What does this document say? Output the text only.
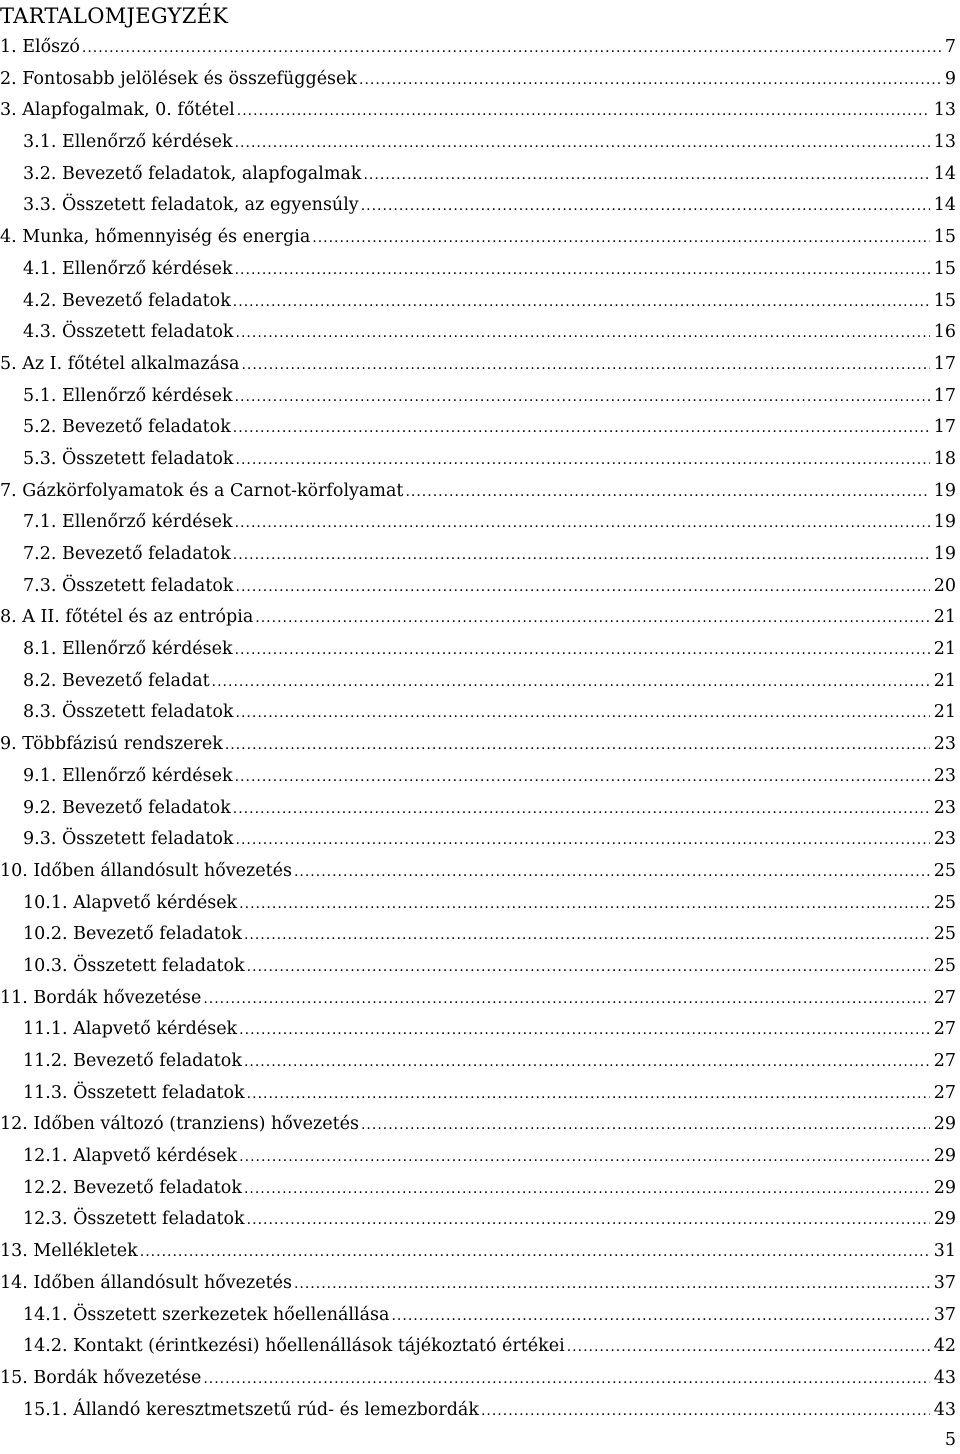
TARTALOMJEGYZÉK
1. Előszó .....	7
2. Fontosabb jelölések és összefüggések .....	9
3. Alapfogalmak, 0. főtétel .....	13
3.1. Ellenőrző kérdések .....	13
3.2. Bevezető feladatok, alapfogalmak .....	14
3.3. Összetett feladatok, az egyensúly .....	14
4. Munka, hőmennyiség és energia .....	15
4.1. Ellenőrző kérdések .....	15
4.2. Bevezető feladatok .....	15
4.3. Összetett feladatok .....	16
5. Az I. főtétel alkalmazása .....	17
5.1. Ellenőrző kérdések .....	17
5.2. Bevezető feladatok .....	17
5.3. Összetett feladatok .....	18
7. Gázkörfolyamatok és a Carnot-körfolyamat .....	19
7.1. Ellenőrző kérdések .....	19
7.2. Bevezető feladatok .....	19
7.3. Összetett feladatok .....	20
8. A II. főtétel és az entrópia .....	21
8.1. Ellenőrző kérdések .....	21
8.2. Bevezető feladat .....	21
8.3. Összetett feladatok .....	21
9. Többfázisú rendszerek .....	23
9.1. Ellenőrző kérdések .....	23
9.2. Bevezető feladatok .....	23
9.3. Összetett feladatok .....	23
10. Időben állandósult hővezetés .....	25
10.1. Alapvető kérdések .....	25
10.2. Bevezető feladatok .....	25
10.3. Összetett feladatok .....	25
11. Bordák hővezetése .....	27
11.1. Alapvető kérdések .....	27
11.2. Bevezető feladatok .....	27
11.3. Összetett feladatok .....	27
12. Időben változó (tranziens) hővezetés .....	29
12.1. Alapvető kérdések .....	29
12.2. Bevezető feladatok .....	29
12.3. Összetett feladatok .....	29
13. Mellékletek .....	31
14. Időben állandósult hővezetés .....	37
14.1. Összetett szerkezetek hőellenállása .....	37
14.2. Kontakt (érintkezési) hőellenállások tájékoztató értékei .....	42
15. Bordák hővezetése .....	43
15.1. Állandó keresztmetszetű rúd- és lemezbordák .....	43
5
